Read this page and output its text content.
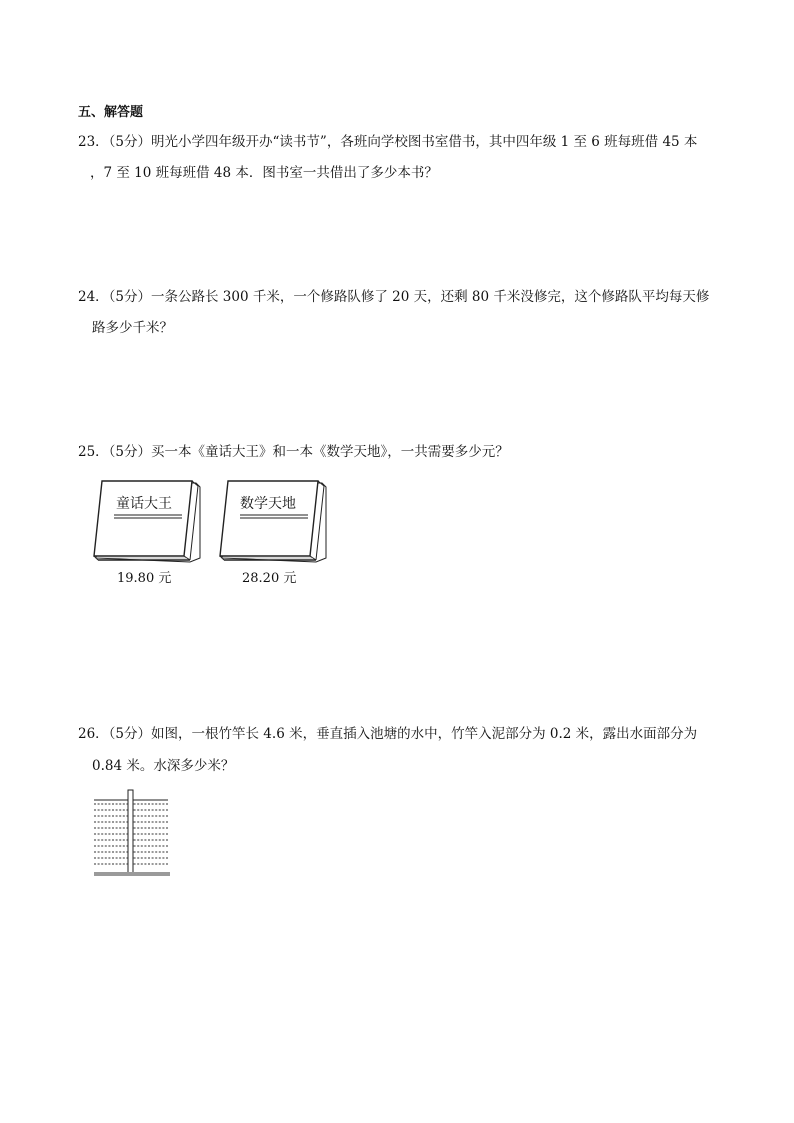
五、解答题
23．（5分）明光小学四年级开办“读书节”，各班向学校图书室借书，其中四年级 1 至 6 班每班借 45 本
，7 至 10 班每班借 48 本．图书室一共借出了多少本书？
24．（5分）一条公路长 300 千米，一个修路队修了 20 天，还剩 80 千米没修完，这个修路队平均每天修
路多少千米？
25．（5分）买一本《童话大王》和一本《数学天地》，一共需要多少元？
童话大王	数学天地
19.80 元	28.20 元
26．（5分）如图，一根竹竿长 4.6 米，垂直插入池塘的水中，竹竿入泥部分为 0.2 米，露出水面部分为
0.84 米。水深多少米？
